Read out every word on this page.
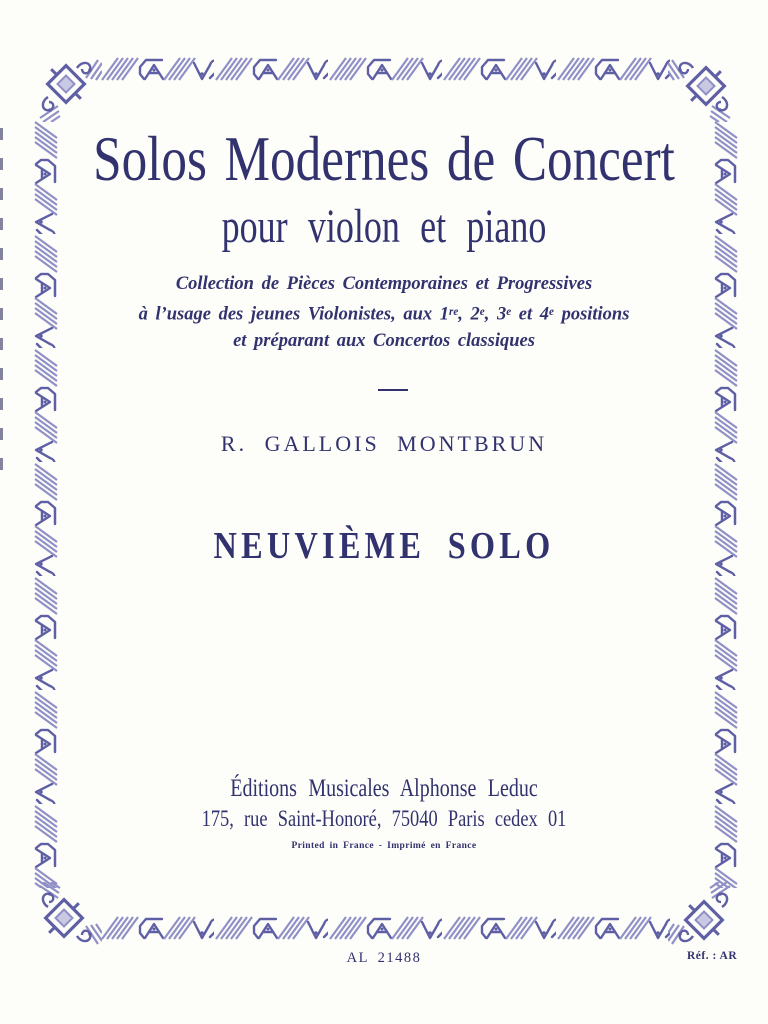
Solos Modernes de Concert
pour violon et piano
Collection de Pièces Contemporaines et Progressives
à l’usage des jeunes Violonistes, aux 1re, 2e, 3e et 4e positions
et préparant aux Concertos classiques
R. GALLOIS MONTBRUN
NEUVIÈME SOLO
Éditions Musicales Alphonse Leduc
175, rue Saint-Honoré, 75040 Paris cedex 01
Printed in France - Imprimé en France
AL 21488	Réf. : AR
